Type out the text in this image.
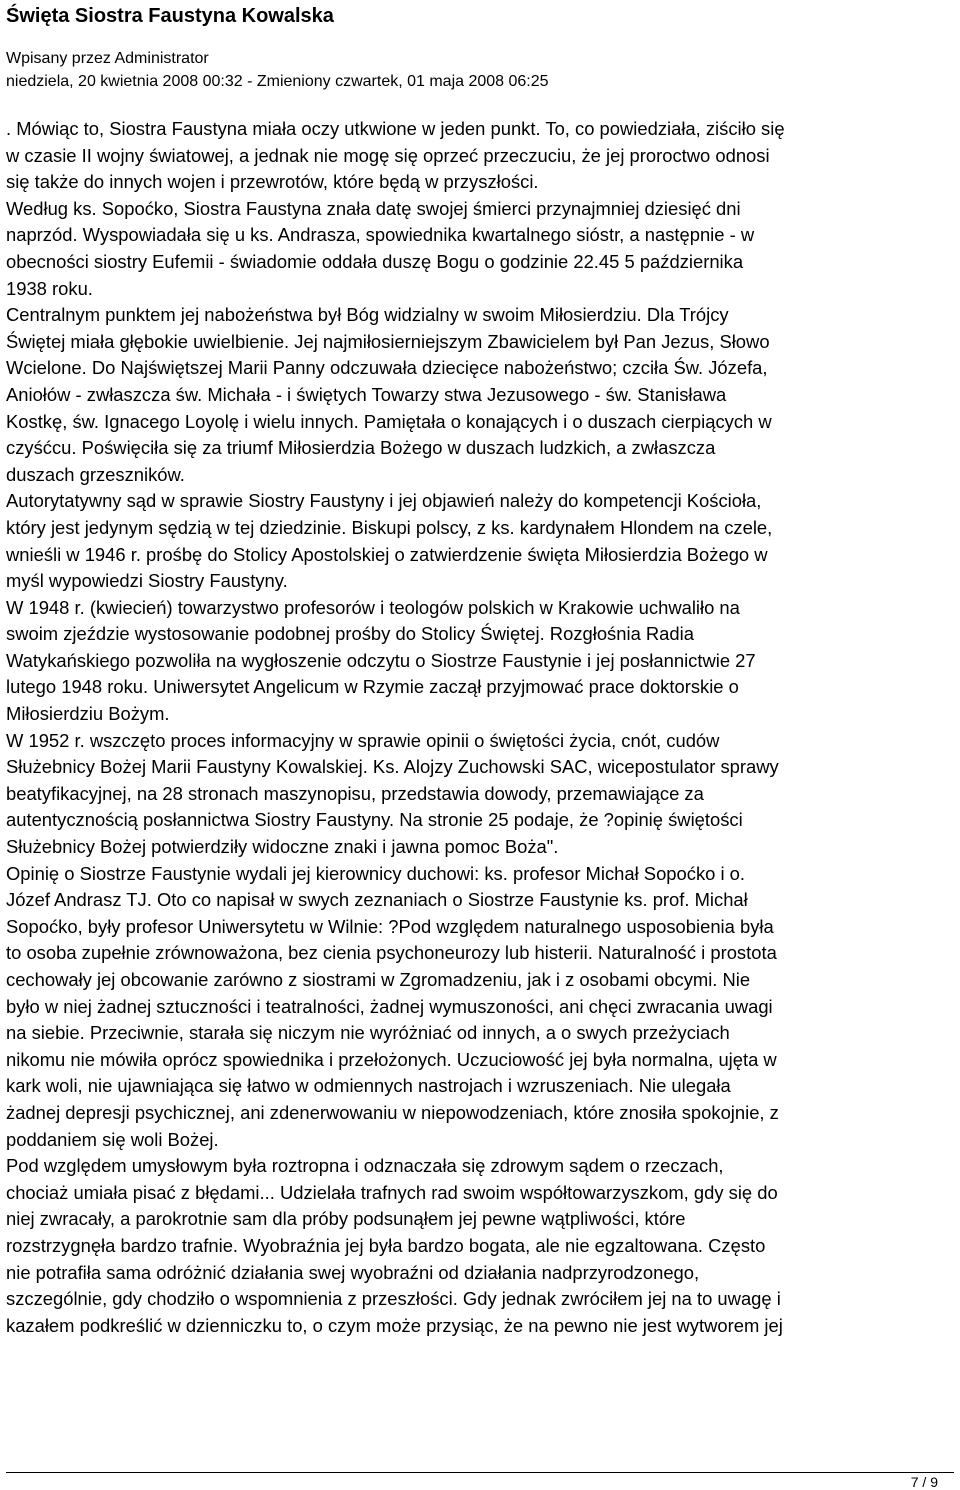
Święta Siostra Faustyna Kowalska
Wpisany przez Administrator
niedziela, 20 kwietnia 2008 00:32 - Zmieniony czwartek, 01 maja 2008 06:25

. Mówiąc to, Siostra Faustyna miała oczy utkwione w jeden punkt. To, co powiedziała, ziściło się
w czasie II wojny światowej, a jednak nie mogę się oprzeć przeczuciu, że jej proroctwo odnosi
się także do innych wojen i przewrotów, które będą w przyszłości.

Według ks. Sopoćko, Siostra Faustyna znała datę swojej śmierci przynajmniej dziesięć dni
naprzód. Wyspowiadała się u ks. Andrasza, spowiednika kwartalnego sióstr, a następnie - w
obecności siostry Eufemii - świadomie oddała duszę Bogu o godzinie 22.45 5 października
1938 roku.

Centralnym punktem jej nabożeństwa był Bóg widzialny w swoim Miłosierdziu. Dla Trójcy
Świętej miała głębokie uwielbienie. Jej najmiłosierniejszym Zbawicielem był Pan Jezus, Słowo
Wcielone. Do Najświętszej Marii Panny odczuwała dziecięce nabożeństwo; czciła Św. Józefa,
Aniołów - zwłaszcza św. Michała - i świętych Towarzy stwa Jezusowego - św. Stanisława
Kostkę, św. Ignacego Loyolę i wielu innych. Pamiętała o konających i o duszach cierpiących w
czyśćcu. Poświęciła się za triumf Miłosierdzia Bożego w duszach ludzkich, a zwłaszcza
duszach grzeszników.

Autorytatywny sąd w sprawie Siostry Faustyny i jej objawień należy do kompetencji Kościoła,
który jest jedynym sędzią w tej dziedzinie. Biskupi polscy, z ks. kardynałem Hlondem na czele,
wnieśli w 1946 r. prośbę do Stolicy Apostolskiej o zatwierdzenie święta Miłosierdzia Bożego w
myśl wypowiedzi Siostry Faustyny.

W 1948 r. (kwiecień) towarzystwo profesorów i teologów polskich w Krakowie uchwaliło na
swoim zjeździe wystosowanie podobnej prośby do Stolicy Świętej. Rozgłośnia Radia
Watykańskiego pozwoliła na wygłoszenie odczytu o Siostrze Faustynie i jej posłannictwie 27
lutego 1948 roku. Uniwersytet Angelicum w Rzymie zaczął przyjmować prace doktorskie o
Miłosierdziu Bożym.

W 1952 r. wszczęto proces informacyjny w sprawie opinii o świętości życia, cnót, cudów
Służebnicy Bożej Marii Faustyny Kowalskiej. Ks. Alojzy Zuchowski SAC, wicepostulator sprawy
beatyfikacyjnej, na 28 stronach maszynopisu, przedstawia dowody, przemawiające za
autentycznością posłannictwa Siostry Faustyny. Na stronie 25 podaje, że ?opinię świętości
Służebnicy Bożej potwierdziły widoczne znaki i jawna pomoc Boża".

Opinię o Siostrze Faustynie wydali jej kierownicy duchowi: ks. profesor Michał Sopoćko i o.
Józef Andrasz TJ. Oto co napisał w swych zeznaniach o Siostrze Faustynie ks. prof. Michał
Sopoćko, były profesor Uniwersytetu w Wilnie: ?Pod względem naturalnego usposobienia była
to osoba zupełnie zrównoważona, bez cienia psychoneurozy lub histerii. Naturalność i prostota
cechowały jej obcowanie zarówno z siostrami w Zgromadzeniu, jak i z osobami obcymi. Nie
było w niej żadnej sztuczności i teatralności, żadnej wymuszoności, ani chęci zwracania uwagi
na siebie. Przeciwnie, starała się niczym nie wyróżniać od innych, a o swych przeżyciach
nikomu nie mówiła oprócz spowiednika i przełożonych. Uczuciowość jej była normalna, ujęta w
kark woli, nie ujawniająca się łatwo w odmiennych nastrojach i wzruszeniach. Nie ulegała
żadnej depresji psychicznej, ani zdenerwowaniu w niepowodzeniach, które znosiła spokojnie, z
poddaniem się woli Bożej.

Pod względem umysłowym była roztropna i odznaczała się zdrowym sądem o rzeczach,
chociaż umiała pisać z błędami... Udzielała trafnych rad swoim współtowarzyszkom, gdy się do
niej zwracały, a parokrotnie sam dla próby podsunąłem jej pewne wątpliwości, które
rozstrzygnęła bardzo trafnie. Wyobraźnia jej była bardzo bogata, ale nie egzaltowana. Często
nie potrafiła sama odróżnić działania swej wyobraźni od działania nadprzyrodzonego,
szczególnie, gdy chodziło o wspomnienia z przeszłości. Gdy jednak zwróciłem jej na to uwagę i
kazałem podkreślić w dzienniczku to, o czym może przysiąc, że na pewno nie jest wytworem jej

7 / 9
